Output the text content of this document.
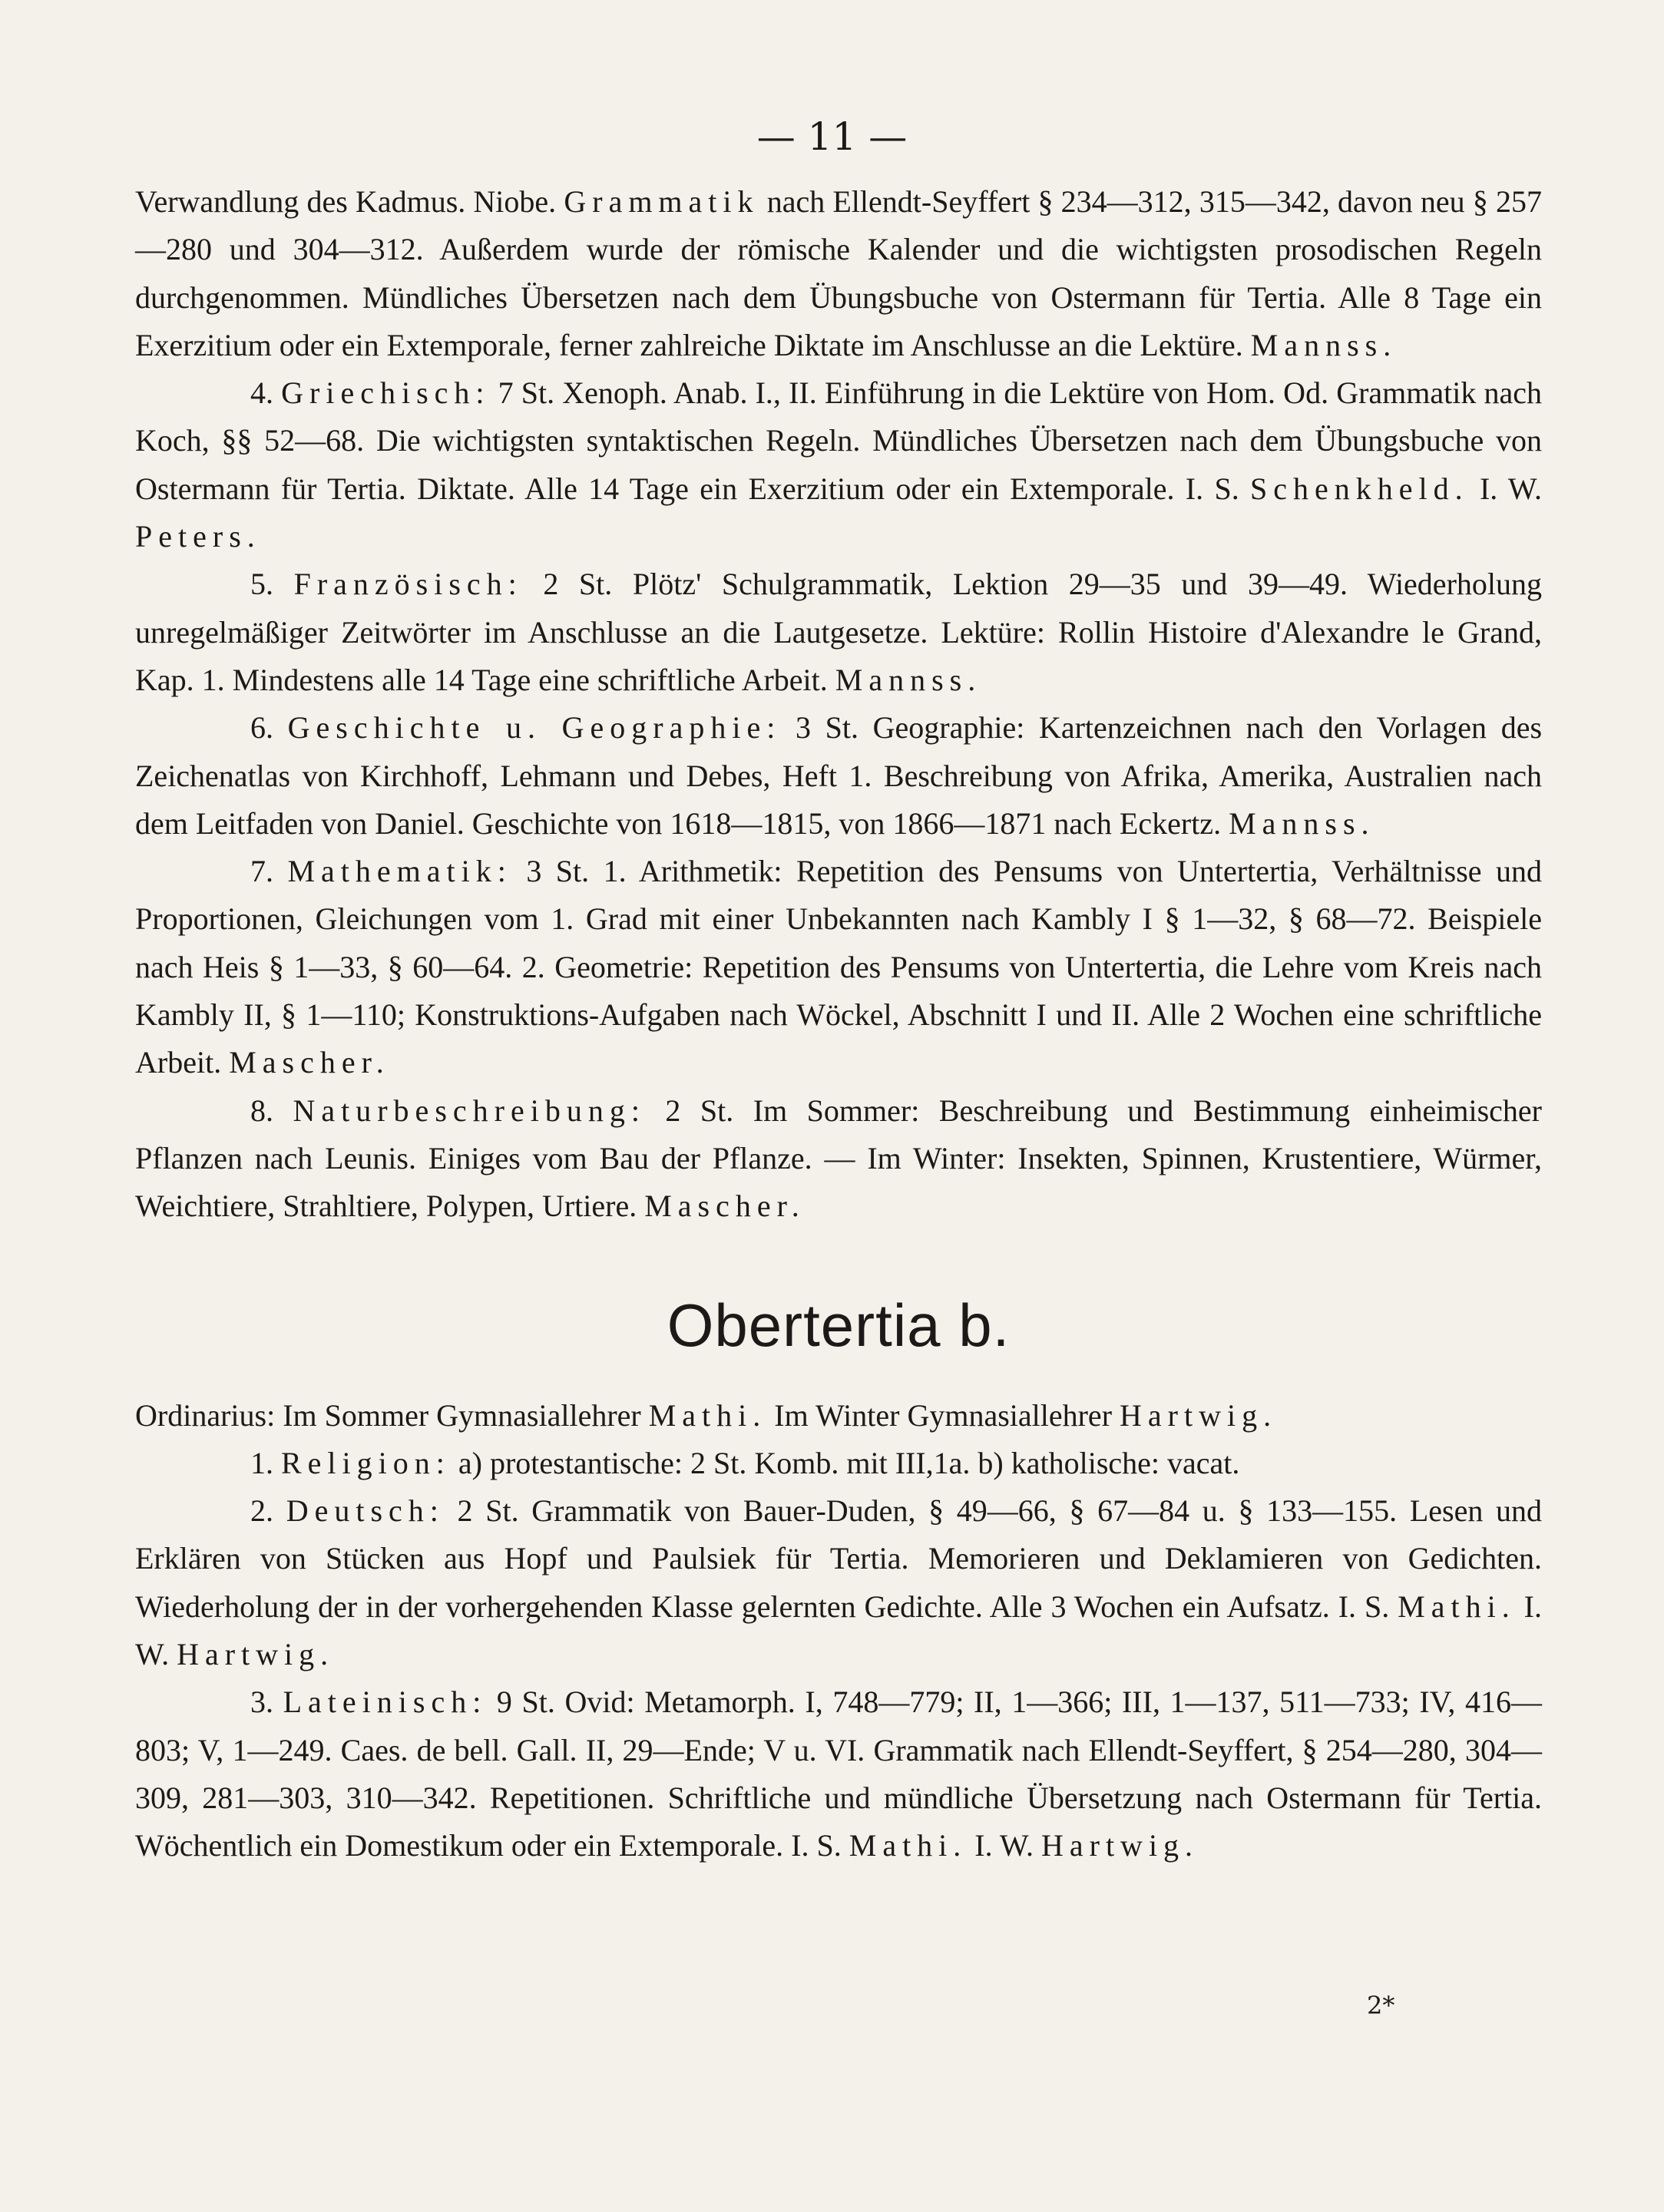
— 11 —

Verwandlung des Kadmus. Niobe. Grammatik nach Ellendt-Seyffert § 234—312, 315—342, davon neu § 257—280 und 304—312. Außerdem wurde der römische Kalender und die wichtigsten prosodischen Regeln durchgenommen. Mündliches Übersetzen nach dem Übungsbuche von Ostermann für Tertia. Alle 8 Tage ein Exerzitium oder ein Extemporale, ferner zahlreiche Diktate im Anschlusse an die Lektüre. Mannss.

4. Griechisch: 7 St. Xenoph. Anab. I., II. Einführung in die Lektüre von Hom. Od. Grammatik nach Koch, §§ 52—68. Die wichtigsten syntaktischen Regeln. Mündliches Übersetzen nach dem Übungsbuche von Ostermann für Tertia. Diktate. Alle 14 Tage ein Exerzitium oder ein Extemporale. I. S. Schenkheld. I. W. Peters.

5. Französisch: 2 St. Plötz' Schulgrammatik, Lektion 29—35 und 39—49. Wiederholung unregelmäßiger Zeitwörter im Anschlusse an die Lautgesetze. Lektüre: Rollin Histoire d'Alexandre le Grand, Kap. 1. Mindestens alle 14 Tage eine schriftliche Arbeit. Mannss.

6. Geschichte u. Geographie: 3 St. Geographie: Kartenzeichnen nach den Vorlagen des Zeichenatlas von Kirchhoff, Lehmann und Debes, Heft 1. Beschreibung von Afrika, Amerika, Australien nach dem Leitfaden von Daniel. Geschichte von 1618—1815, von 1866—1871 nach Eckertz. Mannss.

7. Mathematik: 3 St. 1. Arithmetik: Repetition des Pensums von Untertertia, Verhältnisse und Proportionen, Gleichungen vom 1. Grad mit einer Unbekannten nach Kambly I § 1—32, § 68—72. Beispiele nach Heis § 1—33, § 60—64. 2. Geometrie: Repetition des Pensums von Untertertia, die Lehre vom Kreis nach Kambly II, § 1—110; Konstruktions-Aufgaben nach Wöckel, Abschnitt I und II. Alle 2 Wochen eine schriftliche Arbeit. Mascher.

8. Naturbeschreibung: 2 St. Im Sommer: Beschreibung und Bestimmung einheimischer Pflanzen nach Leunis. Einiges vom Bau der Pflanze. — Im Winter: Insekten, Spinnen, Krustentiere, Würmer, Weichtiere, Strahltiere, Polypen, Urtiere. Mascher.

Obertertia b.

Ordinarius: Im Sommer Gymnasiallehrer Mathi. Im Winter Gymnasiallehrer Hartwig.

1. Religion: a) protestantische: 2 St. Komb. mit III,1a. b) katholische: vacat.

2. Deutsch: 2 St. Grammatik von Bauer-Duden, § 49—66, § 67—84 u. § 133—155. Lesen und Erklären von Stücken aus Hopf und Paulsiek für Tertia. Memorieren und Deklamieren von Gedichten. Wiederholung der in der vorhergehenden Klasse gelernten Gedichte. Alle 3 Wochen ein Aufsatz. I. S. Mathi. I. W. Hartwig.

3. Lateinisch: 9 St. Ovid: Metamorph. I, 748—779; II, 1—366; III, 1—137, 511—733; IV, 416—803; V, 1—249. Caes. de bell. Gall. II, 29—Ende; V u. VI. Grammatik nach Ellendt-Seyffert, § 254—280, 304—309, 281—303, 310—342. Repetitionen. Schriftliche und mündliche Übersetzung nach Ostermann für Tertia. Wöchentlich ein Domestikum oder ein Extemporale. I. S. Mathi. I. W. Hartwig.

2*
